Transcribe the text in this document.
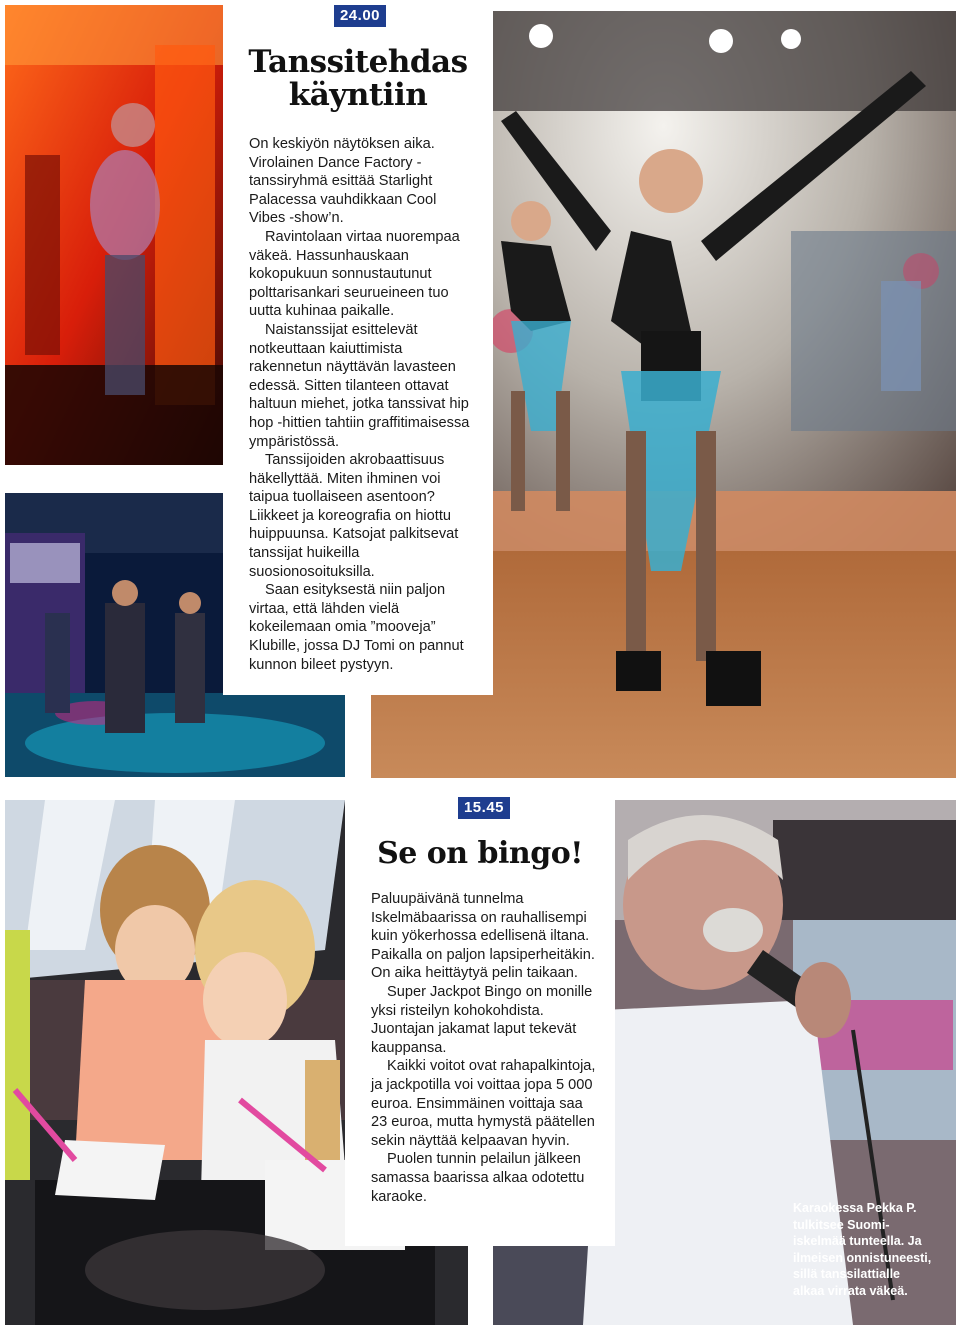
24.00
Tanssitehdas käyntiin

On keskiyön näytöksen aika. Virolainen Dance Factory -tanssiryhmä esittää Starlight Palacessa vauhdikkaan Cool Vibes -show’n.

Ravintolaan virtaa nuorempaa väkeä. Hassunhauskaan kokopukuun sonnustautunut polttarisankari seurueineen tuo uutta kuhinaa paikalle.

Naistanssijat esittelevät notkeuttaan kaiuttimista rakennetun näyttävän lavasteen edessä. Sitten tilanteen ottavat haltuun miehet, jotka tanssivat hip hop -hittien tahtiin graffitimaisessa ympäristössä.

Tanssijoiden akrobaattisuus häkellyttää. Miten ihminen voi taipua tuollaiseen asentoon? Liikkeet ja koreografia on hiottu huippuunsa. Katsojat palkitsevat tanssijat huikeilla suosionosoituksilla.

Saan esityksestä niin paljon virtaa, että lähden vielä kokeilemaan omia ”mooveja” Klubille, jossa DJ Tomi on pannut kunnon bileet pystyyn.

Karaokessa Pekka P. tulkitsee Suomi-iskelmää tunteella. Ja ilmeisen onnistuneesti, sillä tanssilattialle alkaa virrata väkeä.
15.45
Se on bingo!

Paluupäivänä tunnelma Iskelmäbaarissa on rauhallisempi kuin yökerhossa edellisenä iltana. Paikalla on paljon lapsiperheitäkin. On aika heittäytyä pelin taikaan.

Super Jackpot Bingo on monille yksi risteilyn kohokohdista. Juontajan jakamat laput tekevät kauppansa.

Kaikki voitot ovat rahapalkintoja, ja jackpotilla voi voittaa jopa 5 000 euroa. Ensimmäinen voittaja saa 23 euroa, mutta hymystä päätellen sekin näyttää kelpaavan hyvin.

Puolen tunnin pelailun jälkeen samassa baarissa alkaa odotettu karaoke.
